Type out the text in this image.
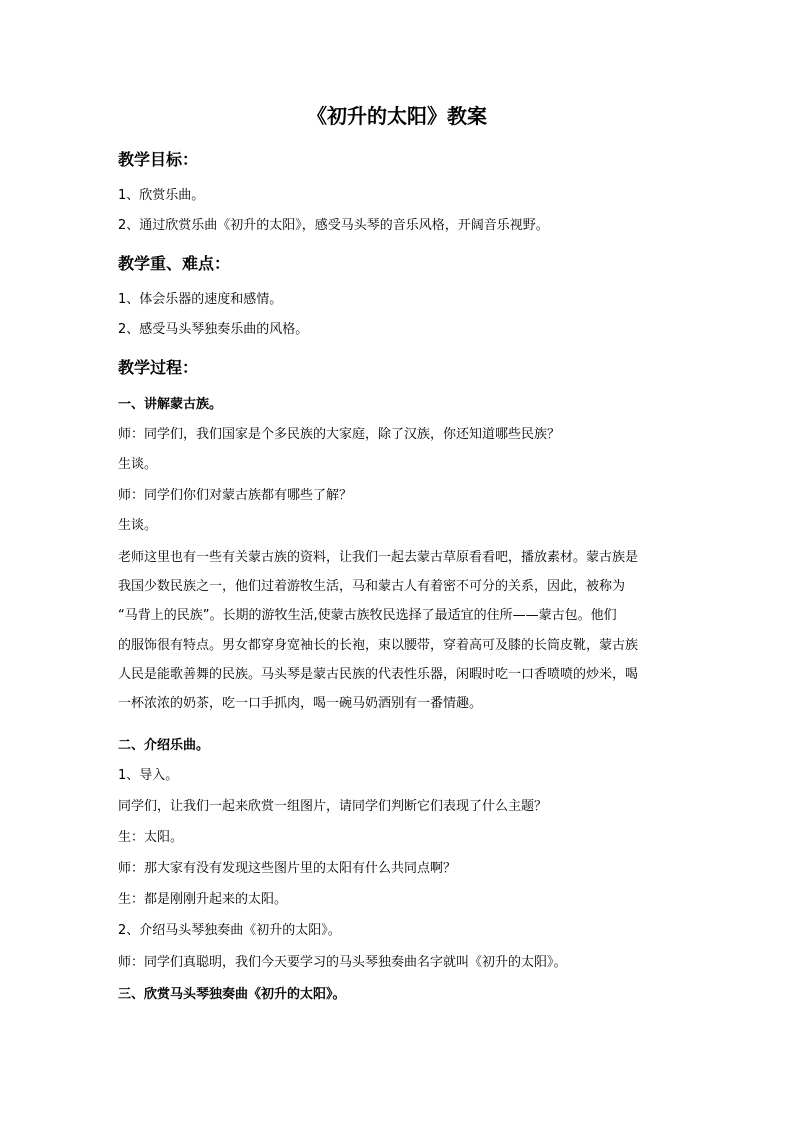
《初升的太阳》教案
教学目标：
1、欣赏乐曲。
2、通过欣赏乐曲《初升的太阳》，感受马头琴的音乐风格，开阔音乐视野。
教学重、难点：
1、体会乐器的速度和感情。
2、感受马头琴独奏乐曲的风格。
教学过程：
一、讲解蒙古族。
师：同学们，我们国家是个多民族的大家庭，除了汉族，你还知道哪些民族？
生谈。
师：同学们你们对蒙古族都有哪些了解？
生谈。
老师这里也有一些有关蒙古族的资料，让我们一起去蒙古草原看看吧，播放素材。蒙古族是
我国少数民族之一，他们过着游牧生活，马和蒙古人有着密不可分的关系，因此，被称为
“马背上的民族”。长期的游牧生活,使蒙古族牧民选择了最适宜的住所——蒙古包。他们
的服饰很有特点。男女都穿身宽袖长的长袍，束以腰带，穿着高可及膝的长筒皮靴，蒙古族
人民是能歌善舞的民族。马头琴是蒙古民族的代表性乐器，闲暇时吃一口香喷喷的炒米，喝
一杯浓浓的奶茶，吃一口手抓肉，喝一碗马奶酒别有一番情趣。
二、介绍乐曲。
1、导入。
同学们，让我们一起来欣赏一组图片，请同学们判断它们表现了什么主题？
生：太阳。
师：那大家有没有发现这些图片里的太阳有什么共同点啊？
生：都是刚刚升起来的太阳。
2、介绍马头琴独奏曲《初升的太阳》。
师：同学们真聪明，我们今天要学习的马头琴独奏曲名字就叫《初升的太阳》。
三、欣赏马头琴独奏曲《初升的太阳》。
